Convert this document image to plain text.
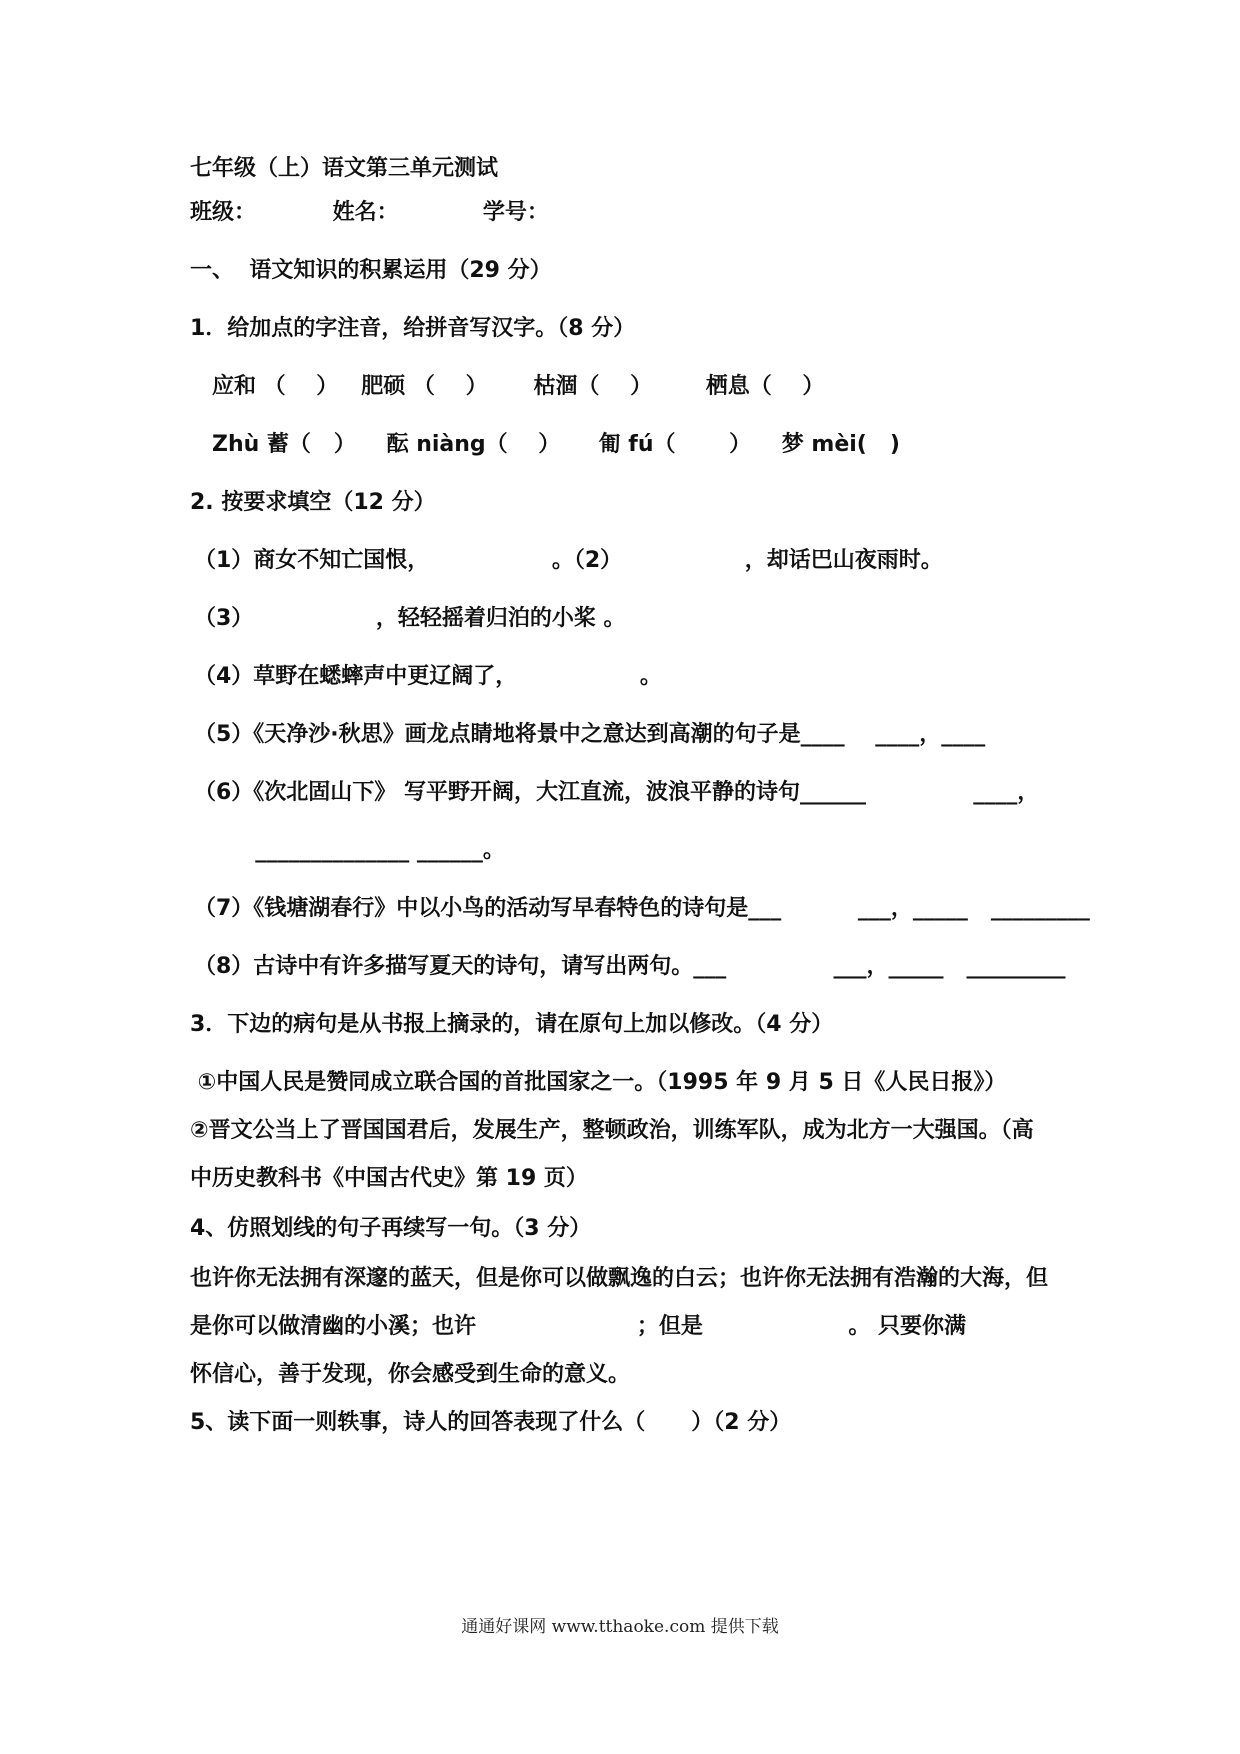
七年级（上）语文第三单元测试
班级：          姓名：           学号：
一、  语文知识的积累运用（29 分）
1．给加点的字注音，给拼音写汉字。（8 分）
应和 （    ）   肥硕 （    ）      枯涸（    ）       栖息（    ）
Zhù 蓄（   ）    酝 niàng（    ）     匍 fú（       ）    梦 mèi(   )
2. 按要求填空（12 分）
（1）商女不知亡国恨，                。（2）                ，却话巴山夜雨时。
（3）                ，轻轻摇着归泊的小桨 。
（4）草野在蟋蟀声中更辽阔了，                。
（5）《天净沙·秋思》画龙点睛地将景中之意达到高潮的句子是____    ____，____
（6）《次北固山下》 写平野开阔，大江直流，波浪平静的诗句______              ____，
______________ ______。
（7）《钱塘湖春行》中以小鸟的活动写早春特色的诗句是___          ___，_____   _________
（8）古诗中有许多描写夏天的诗句，请写出两句。___              ___，_____   _________
3．下边的病句是从书报上摘录的，请在原句上加以修改。（4 分）
①中国人民是赞同成立联合国的首批国家之一。（1995 年 9 月 5 日《人民日报》）
②晋文公当上了晋国国君后，发展生产，整顿政治，训练军队，成为北方一大强国。（高
中历史教科书《中国古代史》第 19 页）
4、仿照划线的句子再续写一句。（3 分）
也许你无法拥有深邃的蓝天，但是你可以做飘逸的白云；也许你无法拥有浩瀚的大海，但
是你可以做清幽的小溪；也许                     ；但是                   。 只要你满
怀信心，善于发现，你会感受到生命的意义。
5、读下面一则轶事，诗人的回答表现了什么（      ）（2 分）
通通好课网 www.tthaoke.com 提供下载
